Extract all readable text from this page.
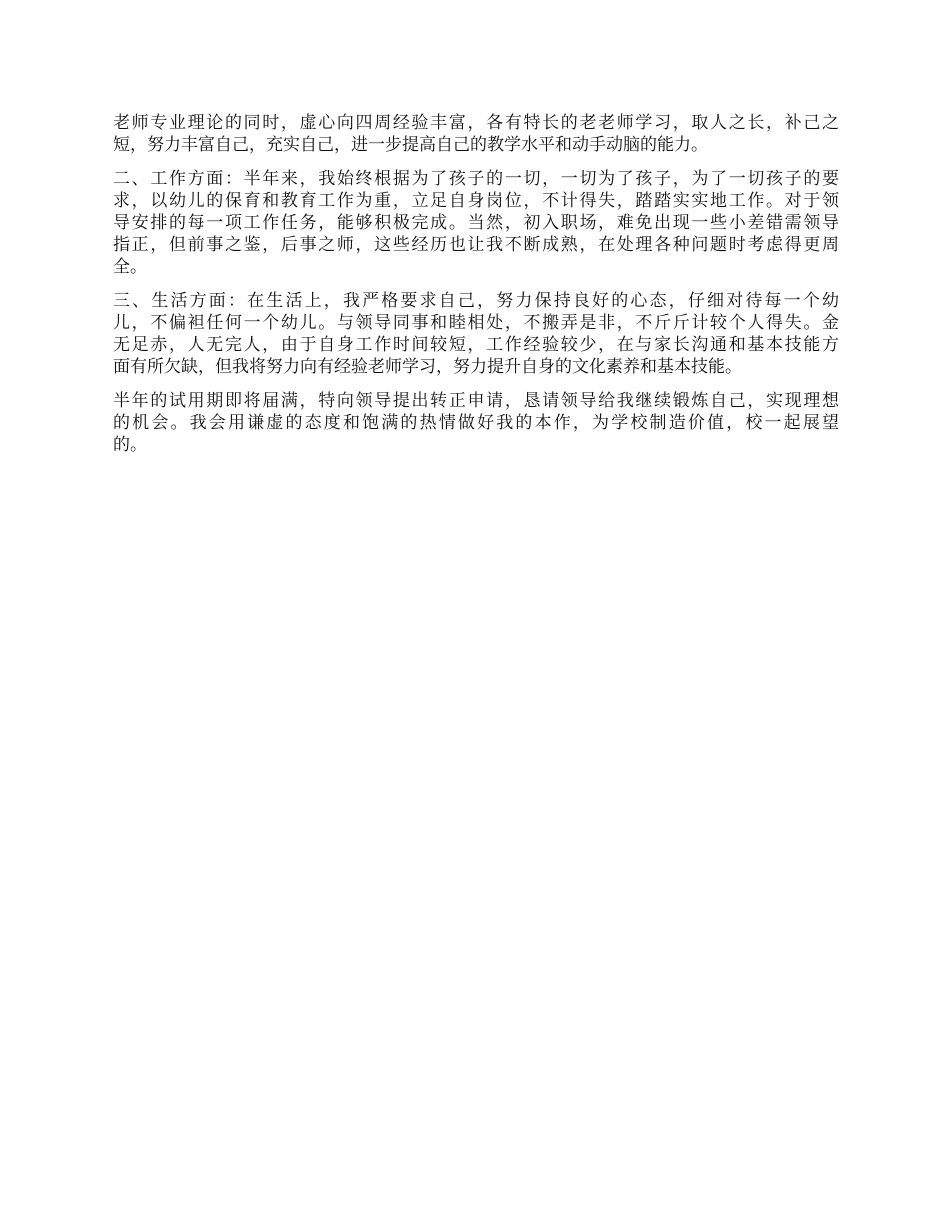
老师专业理论的同时，虚心向四周经验丰富，各有特长的老老师学习，取人之长，补己之
短，努力丰富自己，充实自己，进一步提高自己的教学水平和动手动脑的能力。

二、工作方面：半年来，我始终根据为了孩子的一切，一切为了孩子，为了一切孩子的要
求，以幼儿的保育和教育工作为重，立足自身岗位，不计得失，踏踏实实地工作。对于领
导安排的每一项工作任务，能够积极完成。当然，初入职场，难免出现一些小差错需领导
指正，但前事之鉴，后事之师，这些经历也让我不断成熟，在处理各种问题时考虑得更周
全。

三、生活方面：在生活上，我严格要求自己，努力保持良好的心态，仔细对待每一个幼
儿，不偏袒任何一个幼儿。与领导同事和睦相处，不搬弄是非，不斤斤计较个人得失。金
无足赤，人无完人，由于自身工作时间较短，工作经验较少，在与家长沟通和基本技能方
面有所欠缺，但我将努力向有经验老师学习，努力提升自身的文化素养和基本技能。

半年的试用期即将届满，特向领导提出转正申请，恳请领导给我继续锻炼自己，实现理想
的机会。我会用谦虚的态度和饱满的热情做好我的本作，为学校制造价值，校一起展望
的。
